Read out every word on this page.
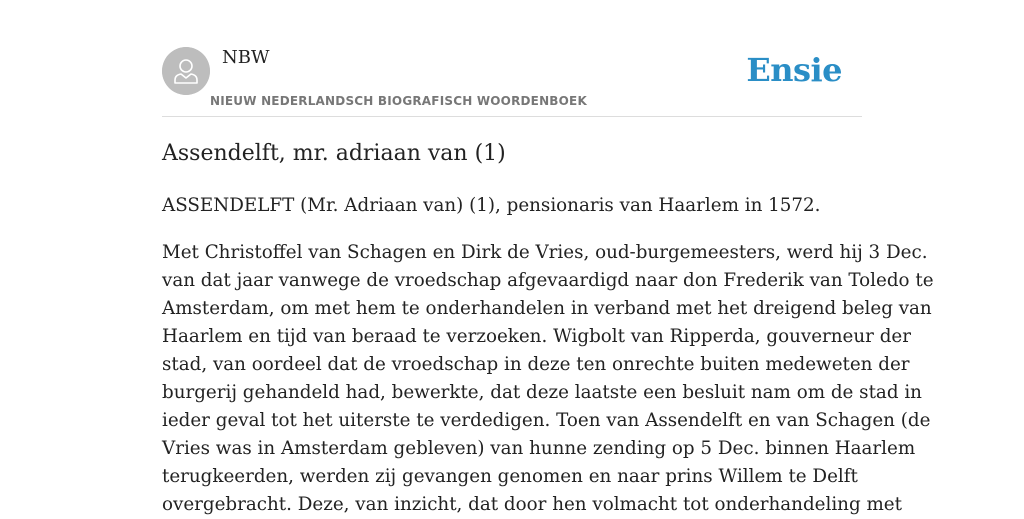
NBW
NIEUW NEDERLANDSCH BIOGRAFISCH WOORDENBOEK
Ensie
Assendelft, mr. adriaan van (1)

ASSENDELFT (Mr. Adriaan van) (1), pensionaris van Haarlem in 1572.

Met Christoffel van Schagen en Dirk de Vries, oud-burgemeesters, werd hij 3 Dec.
van dat jaar vanwege de vroedschap afgevaardigd naar don Frederik van Toledo te
Amsterdam, om met hem te onderhandelen in verband met het dreigend beleg van
Haarlem en tijd van beraad te verzoeken. Wigbolt van Ripperda, gouverneur der
stad, van oordeel dat de vroedschap in deze ten onrechte buiten medeweten der
burgerij gehandeld had, bewerkte, dat deze laatste een besluit nam om de stad in
ieder geval tot het uiterste te verdedigen. Toen van Assendelft en van Schagen (de
Vries was in Amsterdam gebleven) van hunne zending op 5 Dec. binnen Haarlem
terugkeerden, werden zij gevangen genomen en naar prins Willem te Delft
overgebracht. Deze, van inzicht, dat door hen volmacht tot onderhandeling met
